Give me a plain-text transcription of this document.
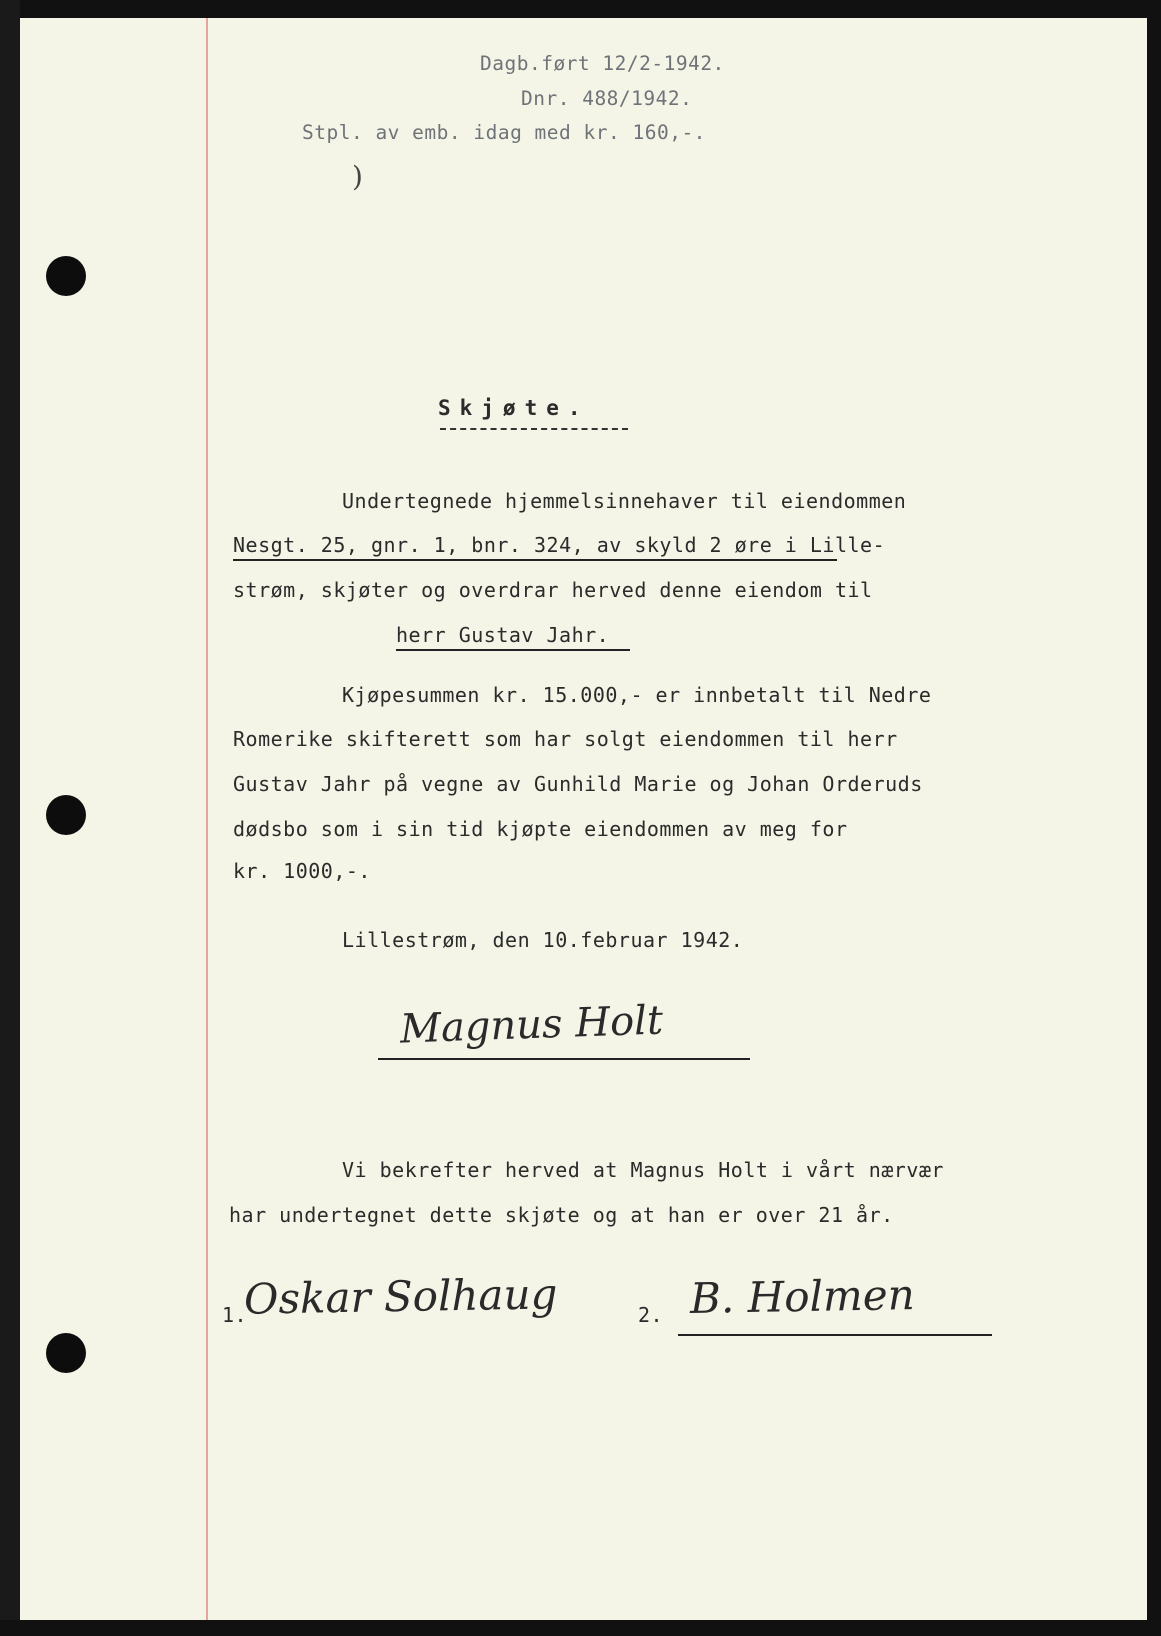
Dagb.ført 12/2-1942.
Dnr. 488/1942.
Stpl. av emb. idag med kr. 160,-.
)
Skjøte.
Undertegnede hjemmelsinnehaver til eiendommen
Nesgt. 25, gnr. 1, bnr. 324, av skyld 2 øre i Lille-
strøm, skjøter og overdrar herved denne eiendom til
herr Gustav Jahr.
Kjøpesummen kr. 15.000,- er innbetalt til Nedre
Romerike skifterett som har solgt eiendommen til herr
Gustav Jahr på vegne av Gunhild Marie og Johan Orderuds
dødsbo som i sin tid kjøpte eiendommen av meg for
kr. 1000,-.
Lillestrøm, den 10.februar 1942.
Magnus Holt
Vi bekrefter herved at Magnus Holt i vårt nærvær
har undertegnet dette skjøte og at han er over 21 år.
1.
Oskar Solhaug	2. B. Holmen
